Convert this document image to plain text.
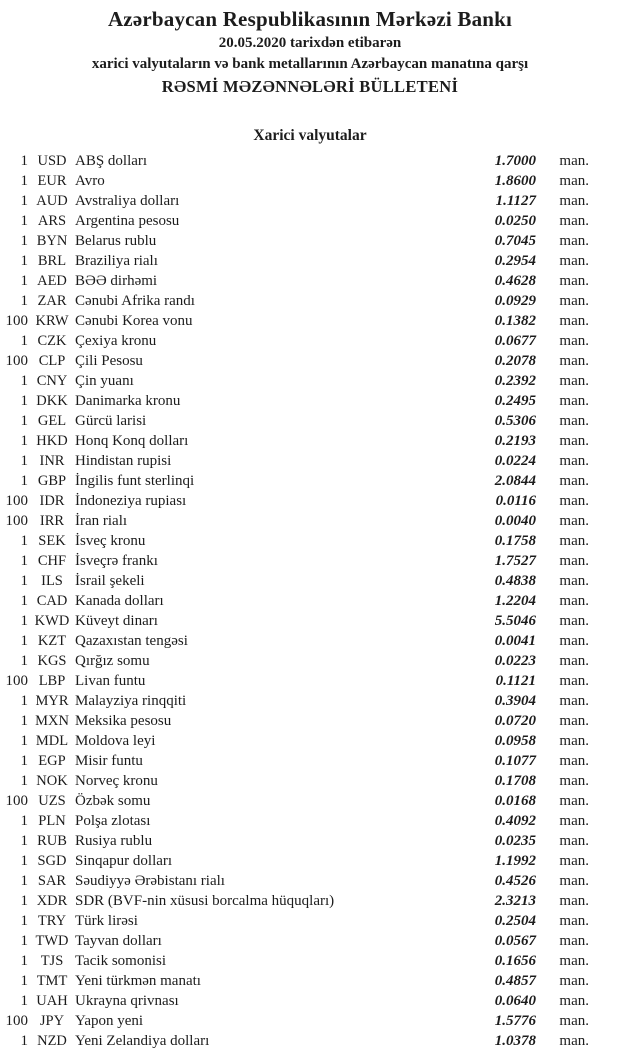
Azərbaycan Respublikasının Mərkəzi Bankı
20.05.2020 tarixdən etibarən
xarici valyutaların və bank metallarının Azərbaycan manatına qarşı
RƏSMİ MƏZƏNNƏLƏRİ BÜLLETENİ
Xarici valyutalar
1 USD ABŞ dolları	1.7000	man.
1 EUR Avro	1.8600	man.
1 AUD Avstraliya dolları	1.1127	man.
1 ARS Argentina pesosu	0.0250	man.
1 BYN Belarus rublu	0.7045	man.
1 BRL Braziliya rialı	0.2954	man.
1 AED BƏƏ dirhəmi	0.4628	man.
1 ZAR Cənubi Afrika randı	0.0929	man.
100 KRW Cənubi Korea vonu	0.1382	man.
1 CZK Çexiya kronu	0.0677	man.
100 CLP Çili Pesosu	0.2078	man.
1 CNY Çin yuanı	0.2392	man.
1 DKK Danimarka kronu	0.2495	man.
1 GEL Gürcü larisi	0.5306	man.
1 HKD Honq Konq dolları	0.2193	man.
1 INR Hindistan rupisi	0.0224	man.
1 GBP İngilis funt sterlinqi	2.0844	man.
100 IDR İndoneziya rupiası	0.0116	man.
100 IRR İran rialı	0.0040	man.
1 SEK İsveç kronu	0.1758	man.
1 CHF İsveçrə frankı	1.7527	man.
1 ILS İsrail şekeli	0.4838	man.
1 CAD Kanada dolları	1.2204	man.
1 KWD Küveyt dinarı	5.5046	man.
1 KZT Qazaxıstan tengəsi	0.0041	man.
1 KGS Qırğız somu	0.0223	man.
100 LBP Livan funtu	0.1121	man.
1 MYR Malayziya rinqqiti	0.3904	man.
1 MXN Meksika pesosu	0.0720	man.
1 MDL Moldova leyi	0.0958	man.
1 EGP Misir funtu	0.1077	man.
1 NOK Norveç kronu	0.1708	man.
100 UZS Özbək somu	0.0168	man.
1 PLN Polşa zlotası	0.4092	man.
1 RUB Rusiya rublu	0.0235	man.
1 SGD Sinqapur dolları	1.1992	man.
1 SAR Səudiyyə Ərəbistanı rialı	0.4526	man.
1 XDR SDR (BVF-nin xüsusi borcalma hüquqları)	2.3213	man.
1 TRY Türk lirəsi	0.2504	man.
1 TWD Tayvan dolları	0.0567	man.
1 TJS Tacik somonisi	0.1656	man.
1 TMT Yeni türkmən manatı	0.4857	man.
1 UAH Ukrayna qrivnası	0.0640	man.
100 JPY Yapon yeni	1.5776	man.
1 NZD Yeni Zelandiya dolları	1.0378	man.
